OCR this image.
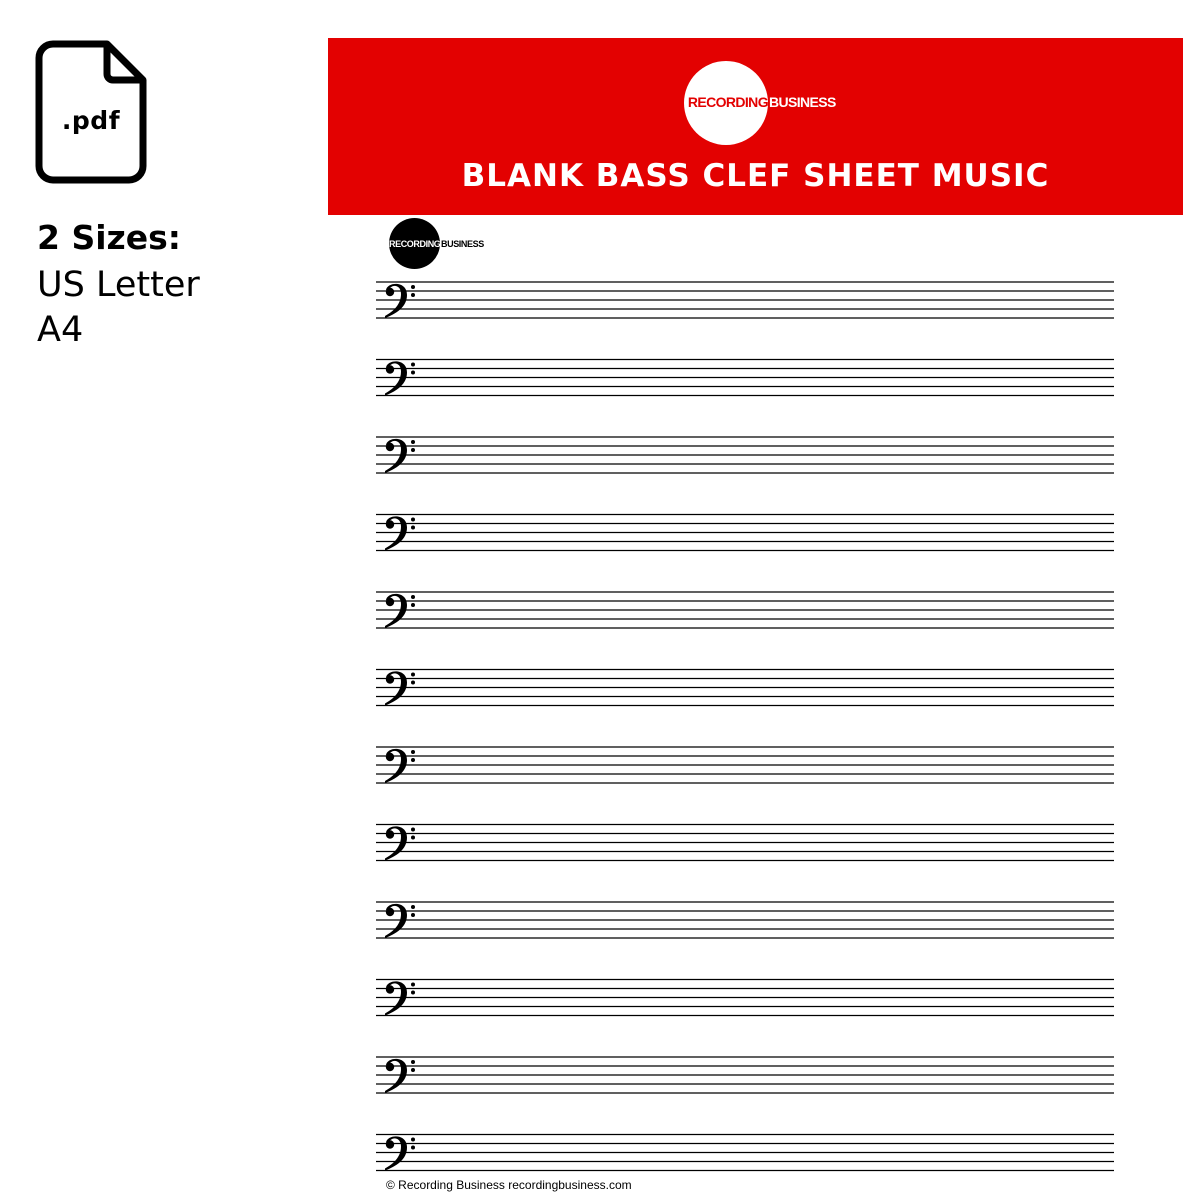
.pdf
2 Sizes:
US Letter
A4
RECORDING BUSINESS
BLANK BASS CLEF SHEET MUSIC
RECORDING BUSINESS
© Recording Business recordingbusiness.com
